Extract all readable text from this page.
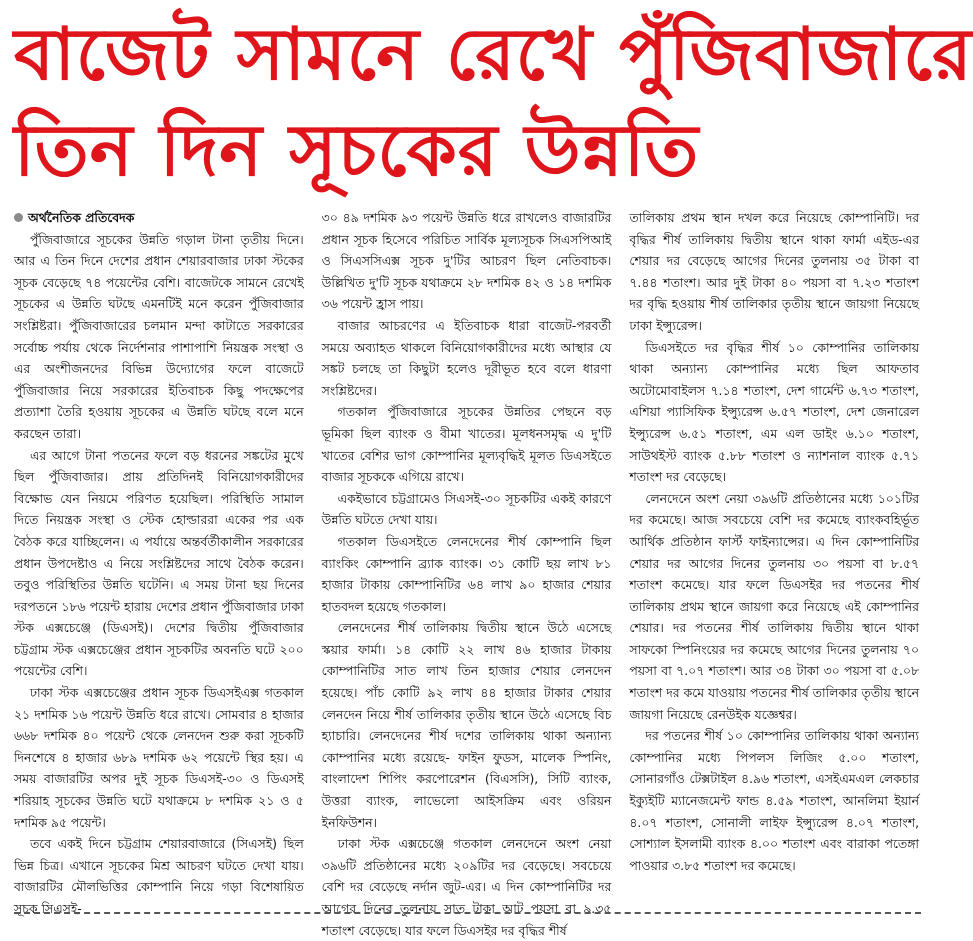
বাজেট সামনে রেখে পুঁজিবাজারে
তিন দিন সূচকের উন্নতি
অর্থনৈতিক প্রতিবেদক

পুঁজিবাজারে সূচকের উন্নতি গড়াল টানা তৃতীয় দিনে। আর এ তিন দিনে দেশের প্রধান শেয়ারবাজার ঢাকা স্টকের সূচক বেড়েছে ৭৪ পয়েন্টের বেশি। বাজেটকে সামনে রেখেই সূচকের এ উন্নতি ঘটছে এমনটিই মনে করেন পুঁজিবাজার সংশ্লিষ্টরা। পুঁজিবাজারের চলমান মন্দা কাটাতে সরকারের সর্বোচ্চ পর্যায় থেকে নির্দেশনার পাশাপাশি নিয়ন্ত্রক সংস্থা ও এর অংশীজনদের বিভিন্ন উদ্যোগের ফলে বাজেটে পুঁজিবাজার নিয়ে সরকারের ইতিবাচক কিছু পদক্ষেপের প্রত্যাশা তৈরি হওয়ায় সূচকের এ উন্নতি ঘটছে বলে মনে করছেন তারা।

এর আগে টানা পতনের ফলে বড় ধরনের সঙ্কটের মুখে ছিল পুঁজিবাজার। প্রায় প্রতিদিনই বিনিয়োগকারীদের বিক্ষোভ যেন নিয়মে পরিণত হয়েছিল। পরিস্থিতি সামাল দিতে নিয়ন্ত্রক সংস্থা ও স্টেক হোল্ডাররা একের পর এক বৈঠক করে যাচ্ছিলেন। এ পর্যায়ে অন্তর্বর্তীকালীন সরকারের প্রধান উপদেষ্টাও এ নিয়ে সংশ্লিষ্টদের সাথে বৈঠক করেন। তবুও পরিস্থিতির উন্নতি ঘটেনি। এ সময় টানা ছয় দিনের দরপতনে ১৮৬ পয়েন্ট হারায় দেশের প্রধান পুঁজিবাজার ঢাকা স্টক এক্সচেঞ্জে (ডিএসই)। দেশের দ্বিতীয় পুঁজিবাজার চট্টগ্রাম স্টক এক্সচেঞ্জের প্রধান সূচকটির অবনতি ঘটে ২০০ পয়েন্টের বেশি।

ঢাকা স্টক এক্সচেঞ্জের প্রধান সূচক ডিএসইএক্স গতকাল ২১ দশমিক ১৬ পয়েন্ট উন্নতি ধরে রাখে। সোমবার ৪ হাজার ৬৬৮ দশমিক ৪০ পয়েন্ট থেকে লেনদেন শুরু করা সূচকটি দিনশেষে ৪ হাজার ৬৮৯ দশমিক ৬২ পয়েন্টে স্থির হয়। এ সময় বাজারটির অপর দুই সূচক ডিএসই-৩০ ও ডিএসই শরিয়াহ সূচকের উন্নতি ঘটে যথাক্রমে ৮ দশমিক ২১ ও ৫ দশমিক ৯৫ পয়েন্ট।

তবে একই দিনে চট্টগ্রাম শেয়ারবাজারে (সিএসই) ছিল ভিন্ন চিত্র। এখানে সূচকের মিশ্র আচরণ ঘটতে দেখা যায়। বাজারটির মৌলভিত্তির কোম্পানি নিয়ে গড়া বিশেষায়িত সূচক সিএসই-

৩০ ৪৯ দশমিক ৯৩ পয়েন্ট উন্নতি ধরে রাখলেও বাজারটির প্রধান সূচক হিসেবে পরিচিত সার্বিক মূল্যসূচক সিএসপিআই ও সিএসসিএক্স সূচক দু'টির আচরণ ছিল নেতিবাচক। উল্লিখিত দু'টি সূচক যথাক্রমে ২৮ দশমিক ৪২ ও ১৪ দশমিক ৩৬ পয়েন্ট হ্রাস পায়।

বাজার আচরণের এ ইতিবাচক ধারা বাজেট-পরবর্তী সময়ে অব্যাহত থাকলে বিনিয়োগকারীদের মধ্যে আস্থার যে সঙ্কট চলছে তা কিছুটা হলেও দূরীভূত হবে বলে ধারণা সংশ্লিষ্টদের।

গতকাল পুঁজিবাজারে সূচকের উন্নতির পেছনে বড় ভূমিকা ছিল ব্যাংক ও বীমা খাতের। মূলধনসমৃদ্ধ এ দু'টি খাতের বেশির ভাগ কোম্পানির মূল্যবৃদ্ধিই মূলত ডিএসইতে বাজার সূচককে এগিয়ে রাখে।

একইভাবে চট্টগ্রামেও সিএসই-৩০ সূচকটির একই কারণে উন্নতি ঘটতে দেখা যায়।

গতকাল ডিএসইতে লেনদেনের শীর্ষ কোম্পানি ছিল ব্যাংকিং কোম্পানি ব্র্যাক ব্যাংক। ৩১ কোটি ছয় লাখ ৮১ হাজার টাকায় কোম্পানিটির ৬৪ লাখ ৯০ হাজার শেয়ার হাতবদল হয়েছে গতকাল।

লেনদেনের শীর্ষ তালিকায় দ্বিতীয় স্থানে উঠে এসেছে স্কয়ার ফার্মা। ১৪ কোটি ২২ লাখ ৪৬ হাজার টাকায় কোম্পানিটির সাত লাখ তিন হাজার শেয়ার লেনদেন হয়েছে। পাঁচ কোটি ৯২ লাখ ৪৪ হাজার টাকার শেয়ার লেনদেন নিয়ে শীর্ষ তালিকার তৃতীয় স্থানে উঠে এসেছে বিচ হ্যাচারি। লেনদেনের শীর্ষ দশের তালিকায় থাকা অন্যান্য কোম্পানির মধ্যে রয়েছে- ফাইন ফুডস, মালেক স্পিনিং, বাংলাদেশ শিপিং করপোরেশন (বিএসসি), সিটি ব্যাংক, উত্তরা ব্যাংক, লাভেলো আইসক্রিম এবং ওরিয়ন ইনফিউশন।

ঢাকা স্টক এক্সচেঞ্জে গতকাল লেনদেনে অংশ নেয়া ৩৯৬টি প্রতিষ্ঠানের মধ্যে ২০৯টির দর বেড়েছে। সবচেয়ে বেশি দর বেড়েছে নর্দান জুট-এর। এ দিন কোম্পানিটির দর আগের দিনের তুলনায় সাত টাকা আট পয়সা বা ৯.৩৫ শতাংশ বেড়েছে। যার ফলে ডিএসইর দর বৃদ্ধির শীর্ষ

তালিকায় প্রথম স্থান দখল করে নিয়েছে কোম্পানিটি। দর বৃদ্ধির শীর্ষ তালিকায় দ্বিতীয় স্থানে থাকা ফার্মা এইড-এর শেয়ার দর বেড়েছে আগের দিনের তুলনায় ৩৫ টাকা বা ৭.৪৪ শতাংশ। আর দুই টাকা ৪০ পয়সা বা ৭.২৩ শতাংশ দর বৃদ্ধি হওয়ায় শীর্ষ তালিকার তৃতীয় স্থানে জায়গা নিয়েছে ঢাকা ইন্স্যুরেন্স।

ডিএসইতে দর বৃদ্ধির শীর্ষ ১০ কোম্পানির তালিকায় থাকা অন্যান্য কোম্পানির মধ্যে ছিল আফতাব অটোমোবাইলস ৭.১৪ শতাংশ, দেশ গার্মেন্ট ৬.৭৩ শতাংশ, এশিয়া প্যাসিফিক ইন্স্যুরেন্স ৬.৫৭ শতাংশ, দেশ জেনারেল ইন্স্যুরেন্স ৬.৫১ শতাংশ, এম এল ডাইং ৬.১০ শতাংশ, সাউথইস্ট ব্যাংক ৫.৮৮ শতাংশ ও ন্যাশনাল ব্যাংক ৫.৭১ শতাংশ দর বেড়েছে।

লেনদেনে অংশ নেয়া ৩৯৬টি প্রতিষ্ঠানের মধ্যে ১০১টির দর কমেছে। আজ সবচেয়ে বেশি দর কমেছে ব্যাংকবহির্ভূত আর্থিক প্রতিষ্ঠান ফার্স্ট ফাইন্যান্সের। এ দিন কোম্পানিটির শেয়ার দর আগের দিনের তুলনায় ৩০ পয়সা বা ৮.৫৭ শতাংশ কমেছে। যার ফলে ডিএসইর দর পতনের শীর্ষ তালিকায় প্রথম স্থানে জায়গা করে নিয়েছে এই কোম্পানির শেয়ার। দর পতনের শীর্ষ তালিকায় দ্বিতীয় স্থানে থাকা সাফকো স্পিনিংয়ের দর কমেছে আগের দিনের তুলনায় ৭০ পয়সা বা ৭.০৭ শতাংশ। আর ৩৪ টাকা ৩০ পয়সা বা ৫.০৮ শতাংশ দর কমে যাওয়ায় পতনের শীর্ষ তালিকার তৃতীয় স্থানে জায়গা নিয়েছে রেনউইক যজ্ঞেশ্বর।

দর পতনের শীর্ষ ১০ কোম্পানির তালিকায় থাকা অন্যান্য কোম্পানির মধ্যে পিপলস লিজিং ৫.০০ শতাংশ, সোনারগাঁও টেক্সটাইল ৪.৯৬ শতাংশ, এসইএমএল লেকচার ইক্যুইটি ম্যানেজমেন্ট ফান্ড ৪.৫৯ শতাংশ, আনলিমা ইয়ার্ন ৪.০৭ শতাংশ, সোনালী লাইফ ইন্স্যুরেন্স ৪.০৭ শতাংশ, সোশ্যাল ইসলামী ব্যাংক ৪.০০ শতাংশ এবং বারাকা পতেঙ্গা পাওয়ার ৩.৮৫ শতাংশ দর কমেছে।
